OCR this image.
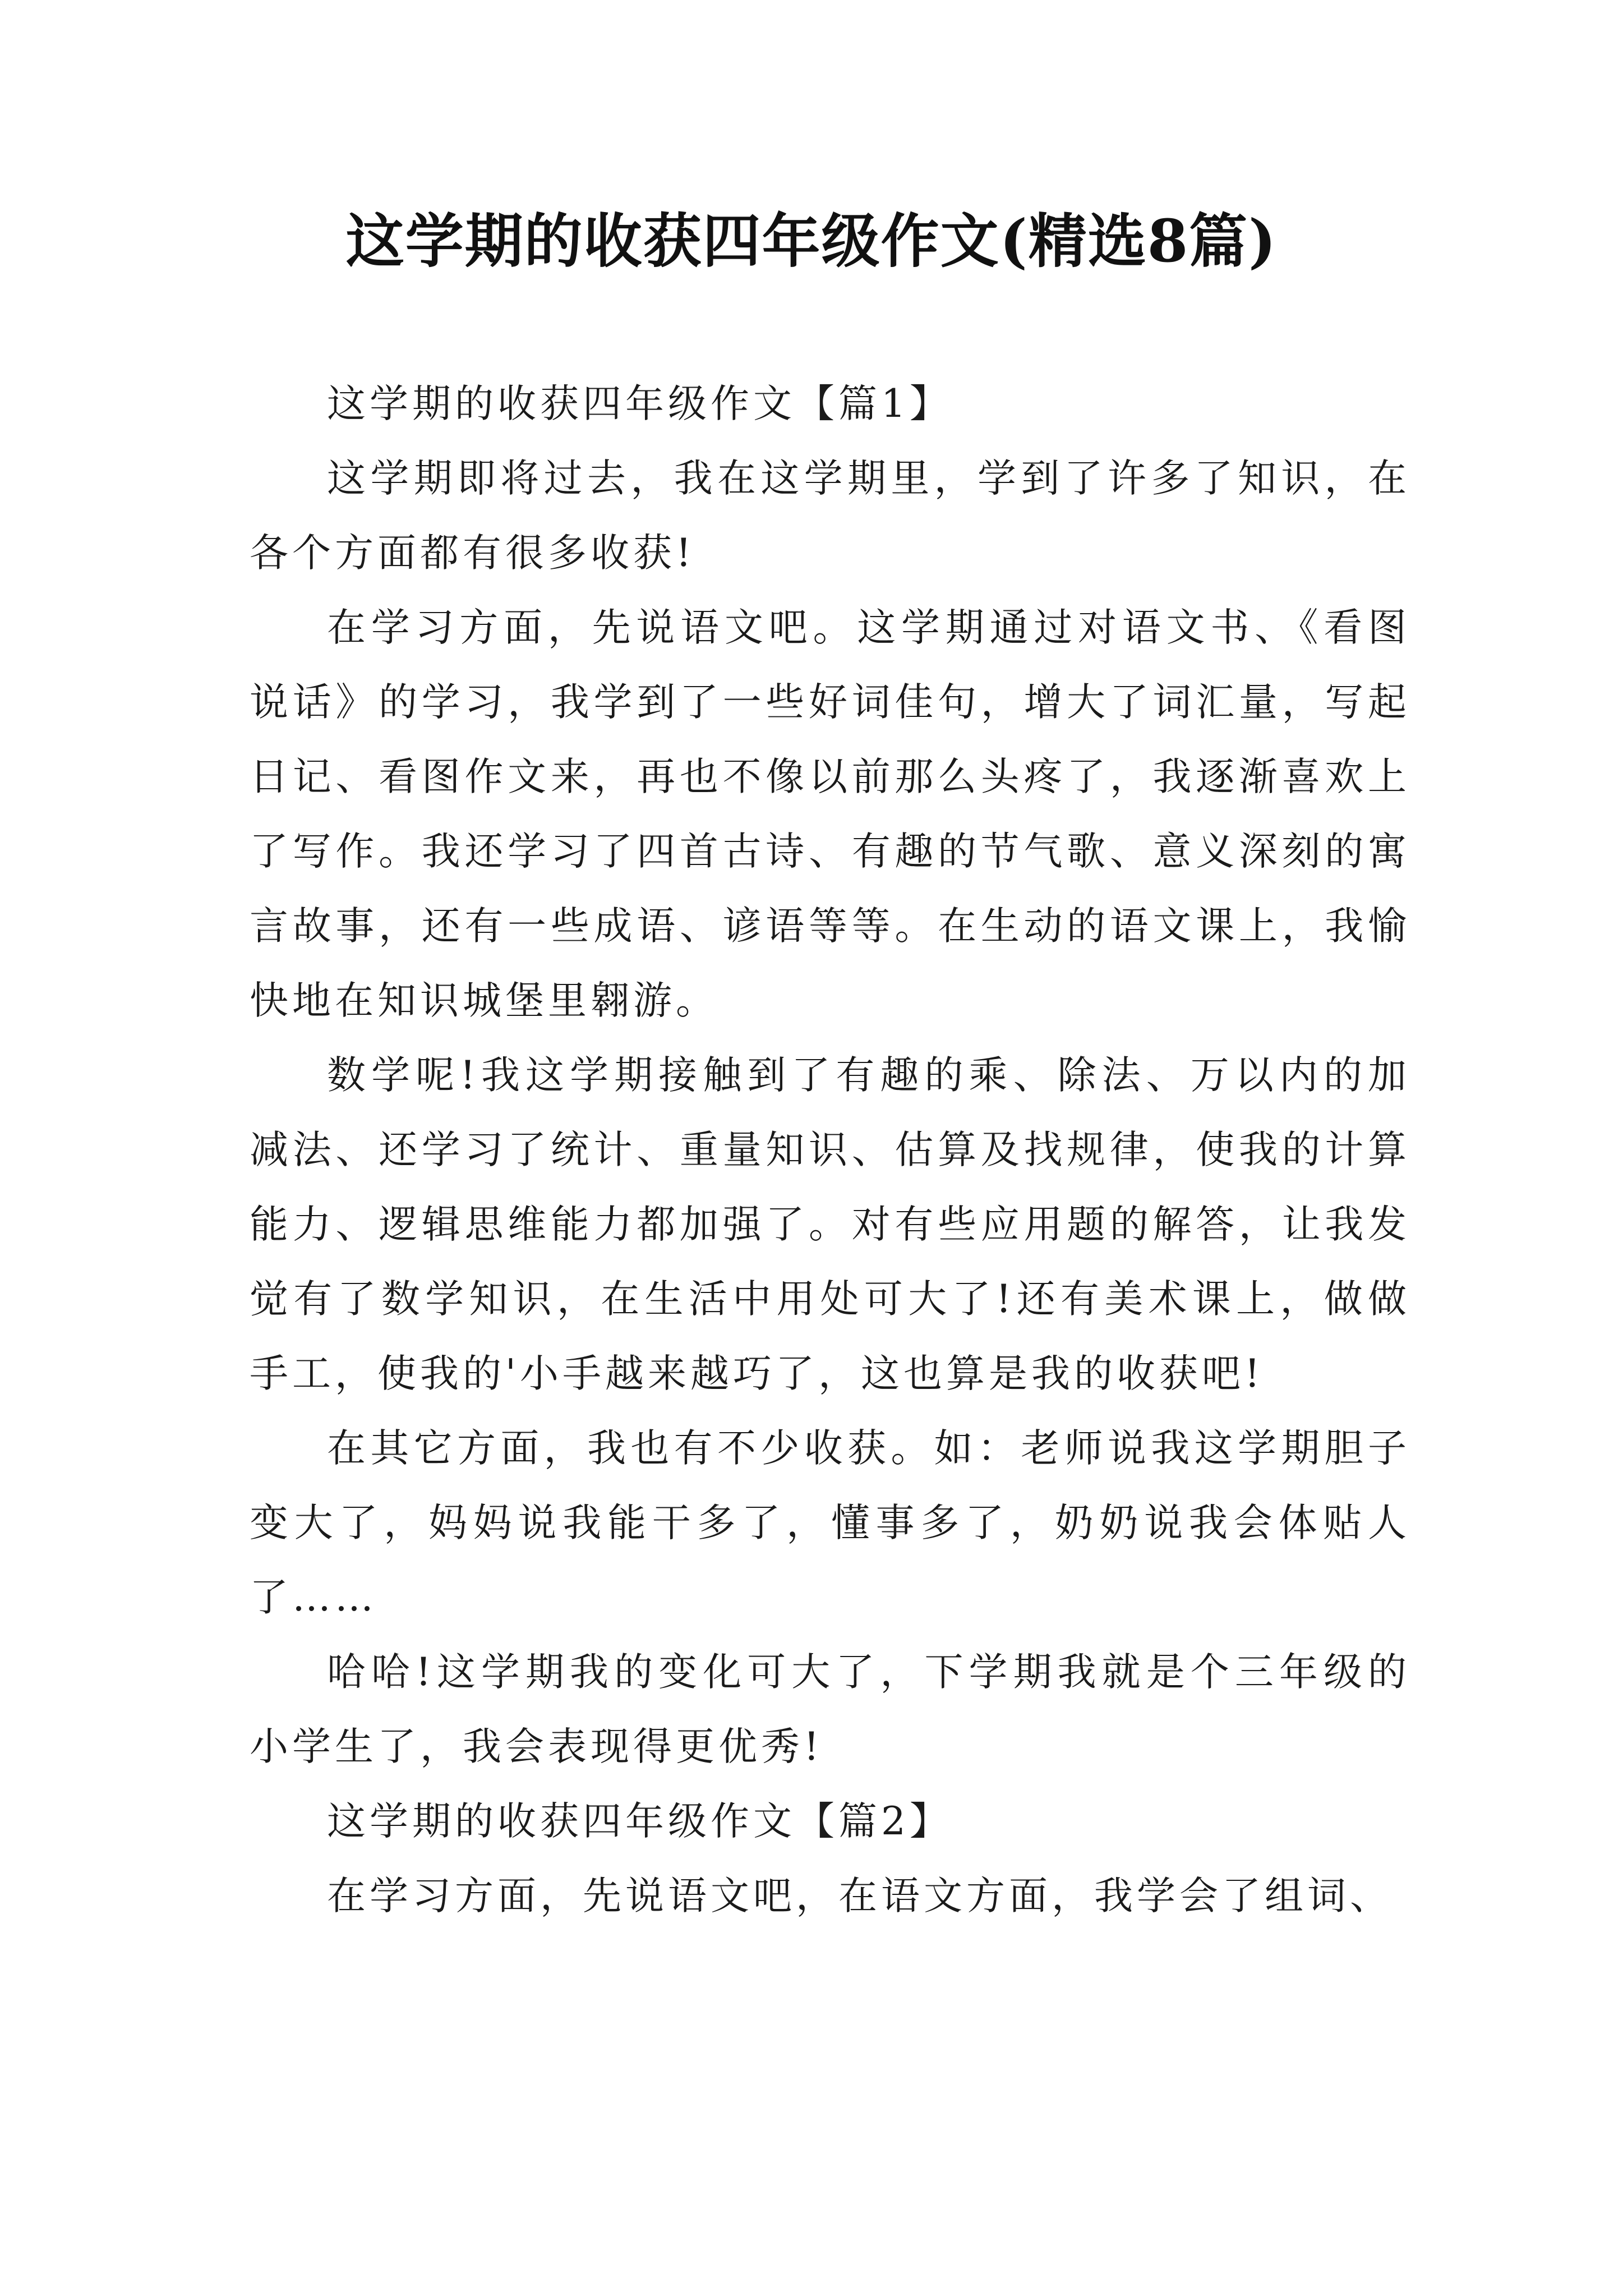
这学期的收获四年级作文(精选8篇)

这学期的收获四年级作文【篇1】

这学期即将过去，我在这学期里，学到了许多了知识，在各个方面都有很多收获!

在学习方面，先说语文吧。这学期通过对语文书、《看图说话》的学习，我学到了一些好词佳句，增大了词汇量，写起日记、看图作文来，再也不像以前那么头疼了，我逐渐喜欢上了写作。我还学习了四首古诗、有趣的节气歌、意义深刻的寓言故事，还有一些成语、谚语等等。在生动的语文课上，我愉快地在知识城堡里翱游。

数学呢!我这学期接触到了有趣的乘、除法、万以内的加减法、还学习了统计、重量知识、估算及找规律，使我的计算能力、逻辑思维能力都加强了。对有些应用题的解答，让我发觉有了数学知识，在生活中用处可大了!还有美术课上，做做手工，使我的'小手越来越巧了，这也算是我的收获吧!

在其它方面，我也有不少收获。如：老师说我这学期胆子变大了，妈妈说我能干多了，懂事多了，奶奶说我会体贴人了……

哈哈!这学期我的变化可大了，下学期我就是个三年级的小学生了，我会表现得更优秀!

这学期的收获四年级作文【篇2】

在学习方面，先说语文吧，在语文方面，我学会了组词、
